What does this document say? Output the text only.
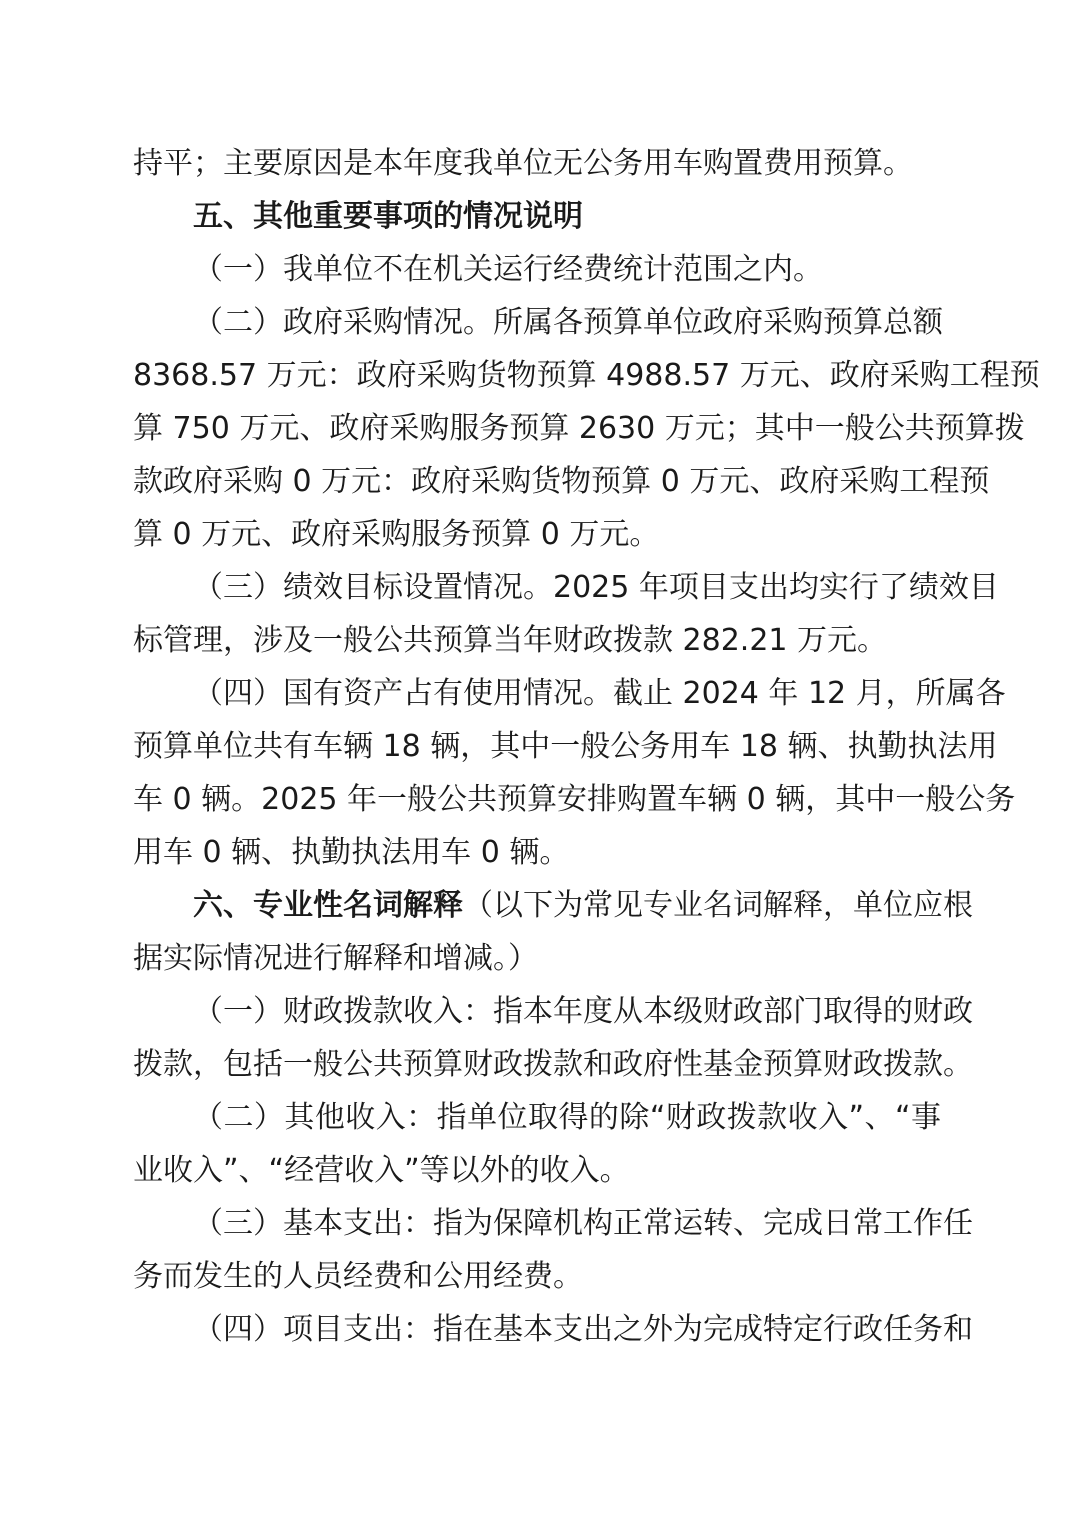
持平；主要原因是本年度我单位无公务用车购置费用预算。
五、其他重要事项的情况说明
（一）我单位不在机关运行经费统计范围之内。
（二）政府采购情况。所属各预算单位政府采购预算总额
8368.57 万元：政府采购货物预算 4988.57 万元、政府采购工程预
算 750 万元、政府采购服务预算 2630 万元；其中一般公共预算拨
款政府采购 0 万元：政府采购货物预算 0 万元、政府采购工程预
算 0 万元、政府采购服务预算 0 万元。
（三）绩效目标设置情况。2025 年项目支出均实行了绩效目
标管理，涉及一般公共预算当年财政拨款 282.21 万元。
（四）国有资产占有使用情况。截止 2024 年 12 月，所属各
预算单位共有车辆 18 辆，其中一般公务用车 18 辆、执勤执法用
车 0 辆。2025 年一般公共预算安排购置车辆 0 辆，其中一般公务
用车 0 辆、执勤执法用车 0 辆。
六、专业性名词解释（以下为常见专业名词解释，单位应根
据实际情况进行解释和增减。）
（一）财政拨款收入：指本年度从本级财政部门取得的财政
拨款，包括一般公共预算财政拨款和政府性基金预算财政拨款。
（二）其他收入：指单位取得的除“财政拨款收入”、“事
业收入”、“经营收入”等以外的收入。
（三）基本支出：指为保障机构正常运转、完成日常工作任
务而发生的人员经费和公用经费。
（四）项目支出：指在基本支出之外为完成特定行政任务和
